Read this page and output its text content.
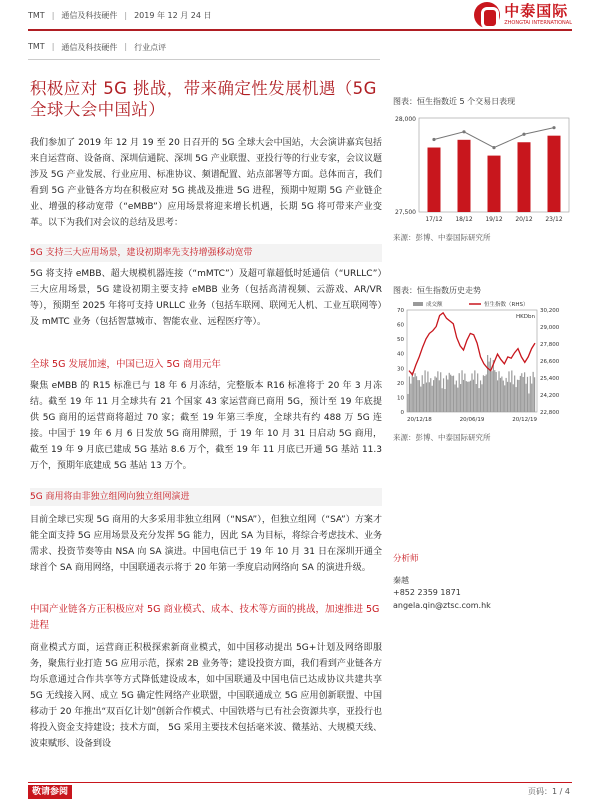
TMT | 通信及科技硬件 | 2019 年 12 月 24 日	中泰国际
ZHONGTAI INTERNATIONAL
TMT | 通信及科技硬件 | 行业点评
积极应对 5G 挑战，带来确定性发展机遇（5G 全球大会中国站）
我们参加了 2019 年 12 月 19 至 20 日召开的 5G 全球大会中国站，大会演讲嘉宾包括来自运营商、设备商、深圳信通院、深圳 5G 产业联盟、亚投行等的行业专家，会议议题涉及 5G 产业发展、行业应用、标准协议、频谱配置、站点部署等方面。总体而言，我们看到 5G 产业链各方均在积极应对 5G 挑战及推进 5G 进程，预期中短期 5G 产业链企业、增强的移动宽带（“eMBB”）应用场景将迎来增长机遇，长期 5G 将可带来产业变革。以下为我们对会议的总结及思考：
5G 支持三大应用场景，建设初期率先支持增强移动宽带
5G 将支持 eMBB、超大规模机器连接（“mMTC”）及超可靠超低时延通信（“URLLC”）三大应用场景，5G 建设初期主要支持 eMBB 业务（包括高清视频、云游戏、AR/VR 等），预期至 2025 年将可支持 URLLC 业务（包括车联网、联网无人机、工业互联网等）及 mMTC 业务（包括智慧城市、智能农业、远程医疗等）。
全球 5G 发展加速，中国已迈入 5G 商用元年
聚焦 eMBB 的 R15 标准已与 18 年 6 月冻结，完整版本 R16 标准将于 20 年 3 月冻结。截至 19 年 11 月全球共有 21 个国家 43 家运营商已商用 5G，预计至 19 年底提供 5G 商用的运营商将超过 70 家；截至 19 年第三季度，全球共有约 488 万 5G 连接。中国于 19 年 6 月 6 日发放 5G 商用牌照，于 19 年 10 月 31 日启动 5G 商用，截至 19 年 9 月底已建成 5G 基站 8.6 万个，截至 19 年 11 月底已开通 5G 基站 11.3 万个，预期年底建成 5G 基站 13 万个。
5G 商用将由非独立组网向独立组网演进
目前全球已实现 5G 商用的大多采用非独立组网（“NSA”），但独立组网（“SA”）方案才能全面支持 5G 应用场景及充分发挥 5G 能力，因此 SA 为目标，将综合考虑技术、业务需求、投资节奏等由 NSA 向 SA 演进。中国电信已于 19 年 10 月 31 日在深圳开通全球首个 SA 商用网络，中国联通表示将于 20 年第一季度启动网络向 SA 的演进升级。
中国产业链各方正积极应对 5G 商业模式、成本、技术等方面的挑战，加速推进 5G 进程
商业模式方面，运营商正积极探索新商业模式，如中国移动提出 5G+计划及网络即服务，聚焦行业打造 5G 应用示范，探索 2B 业务等；建设投资方面，我们看到产业链各方均乐意通过合作共享等方式降低建设成本，如中国联通及中国电信已达成协议共建共享 5G 无线接入网、成立 5G 确定性网络产业联盟，中国联通成立 5G 应用创新联盟、中国移动于 20 年推出“双百亿计划”创新合作模式、中国铁塔与已有社会资源共享，亚投行也将投入资金支持建设；技术方面， 5G 采用主要技术包括毫米波、微基站、大规模天线、波束赋形、设备到设
图表：恒生指数近 5 个交易日表现
28,000
27,500
17/12 18/12 19/12 20/12 23/12
来源：彭博、中泰国际研究所
图表：恒生指数历史走势
成交额	恒生指数（RHS）
HKDbn
70
60
50
40
30
20
10
0
30,200
29,000
27,800
26,600
25,400
24,200
22,800
20/12/18	20/06/19	20/12/19
来源：彭博、中泰国际研究所
分析师
秦越
+852 2359 1871
angela.qin@ztsc.com.hk
敬请参阅	页码：1 / 4
